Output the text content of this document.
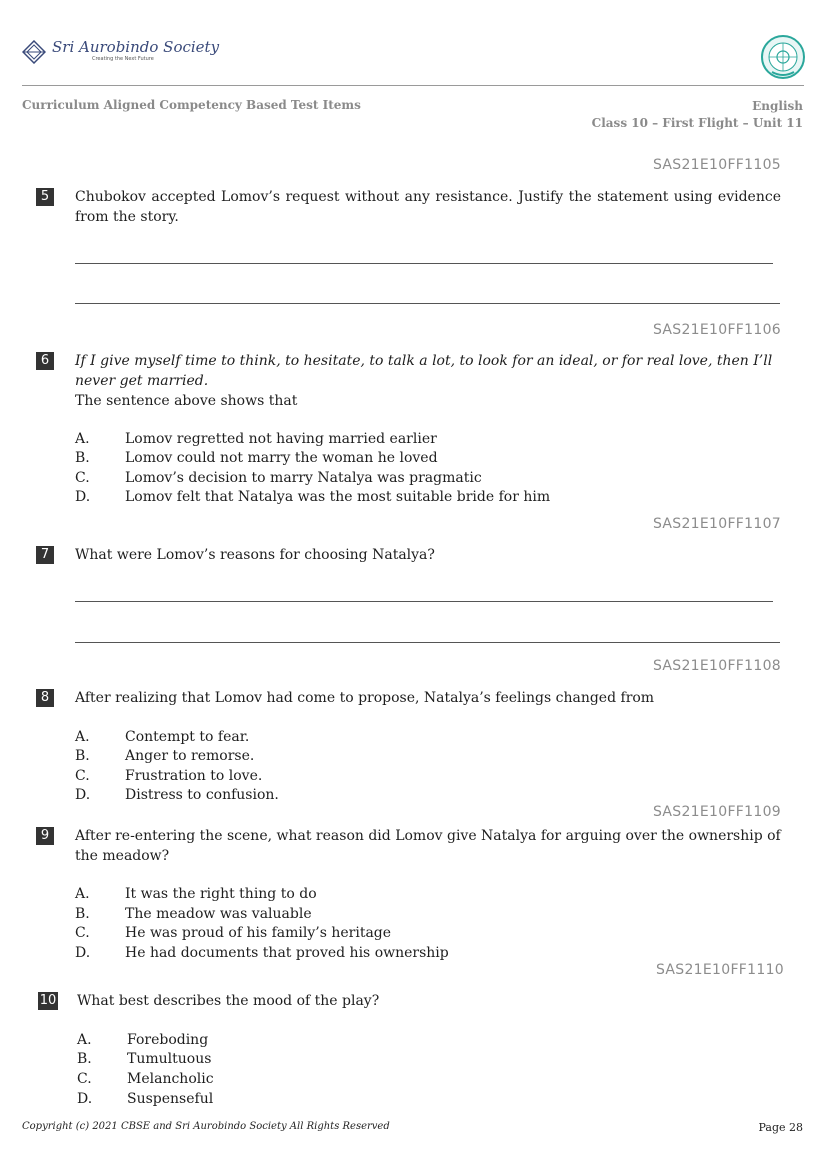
Sri Aurobindo Society
Creating the Next Future
Curriculum Aligned Competency Based Test Items	English
Class 10 – First Flight – Unit 11
SAS21E10FF1105
5	Chubokov accepted Lomov’s request without any resistance. Justify the statement using evidence from the story.
SAS21E10FF1106
6	If I give myself time to think, to hesitate, to talk a lot, to look for an ideal, or for real love, then I’ll never get married.
The sentence above shows that
A.	Lomov regretted not having married earlier
B.	Lomov could not marry the woman he loved
C.	Lomov’s decision to marry Natalya was pragmatic
D. Lomov felt that Natalya was the most suitable bride for him
SAS21E10FF1107
7	What were Lomov’s reasons for choosing Natalya?
SAS21E10FF1108
8	After realizing that Lomov had come to propose, Natalya’s feelings changed from
A.	Contempt to fear.
B.	Anger to remorse.
C.	Frustration to love.
D. Distress to confusion.
SAS21E10FF1109
9	After re-entering the scene, what reason did Lomov give Natalya for arguing over the ownership of the meadow?
A.	It was the right thing to do
B.	The meadow was valuable
C.	He was proud of his family’s heritage
D. He had documents that proved his ownership
SAS21E10FF1110
10 What best describes the mood of the play?
A.	Foreboding
B.	Tumultuous
C.	Melancholic
D. Suspenseful
Copyright (c) 2021 CBSE and Sri Aurobindo Society All Rights Reserved	Page 28
